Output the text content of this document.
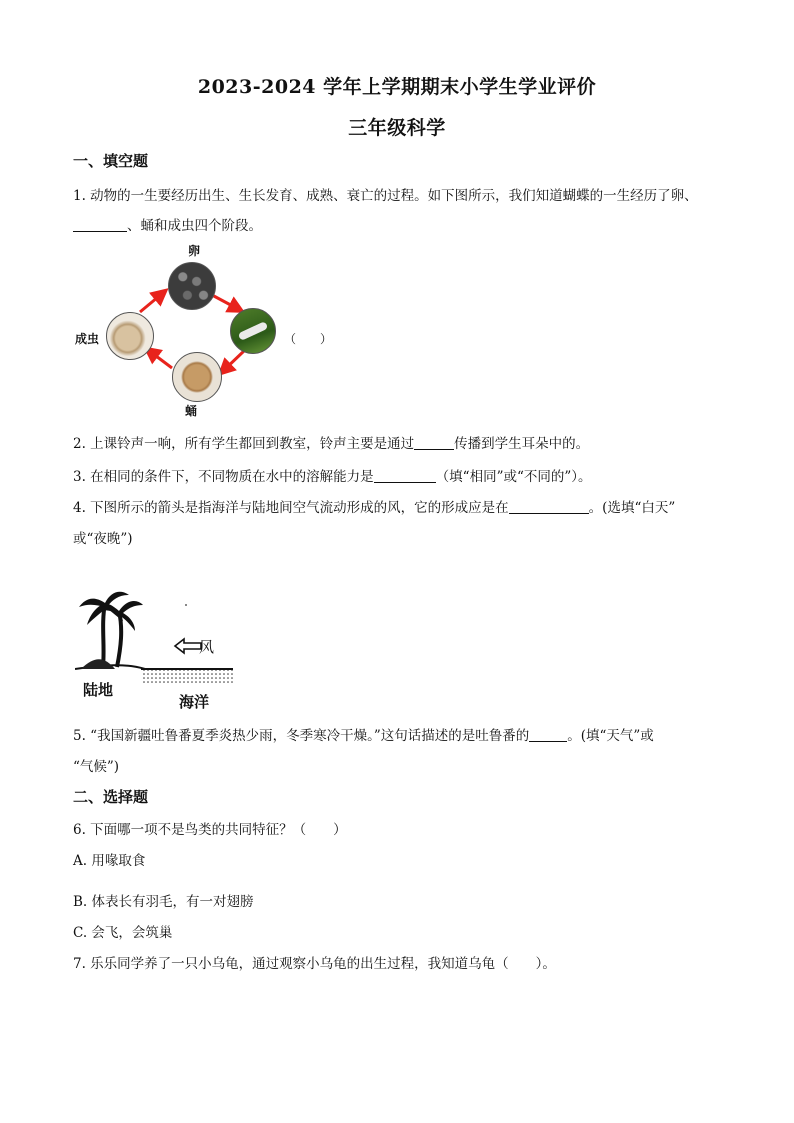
2023-2024 学年上学期期末小学生学业评价
三年级科学
一、填空题
1. 动物的一生要经历出生、生长发育、成熟、衰亡的过程。如下图所示，我们知道蝴蝶的一生经历了卵、
、蛹和成虫四个阶段。
卵
（　　）
蛹
成虫
2. 上课铃声一响，所有学生都回到教室，铃声主要是通过	传播到学生耳朵中的。
3. 在相同的条件下，不同物质在水中的溶解能力是	（填“相同”或“不同的”）。
4. 下图所示的箭头是指海洋与陆地间空气流动形成的风，它的形成应是在	。(选填“白天”
或“夜晚”)
风
陆地
海洋
5. “我国新疆吐鲁番夏季炎热少雨，冬季寒冷干燥。”这句话描述的是吐鲁番的	。(填“天气”或
“气候”)
二、选择题
6. 下面哪一项不是鸟类的共同特征？（　　）
A. 用喙取食
B. 体表长有羽毛，有一对翅膀
C. 会飞，会筑巢
7. 乐乐同学养了一只小乌龟，通过观察小乌龟的出生过程，我知道乌龟（　　）。
